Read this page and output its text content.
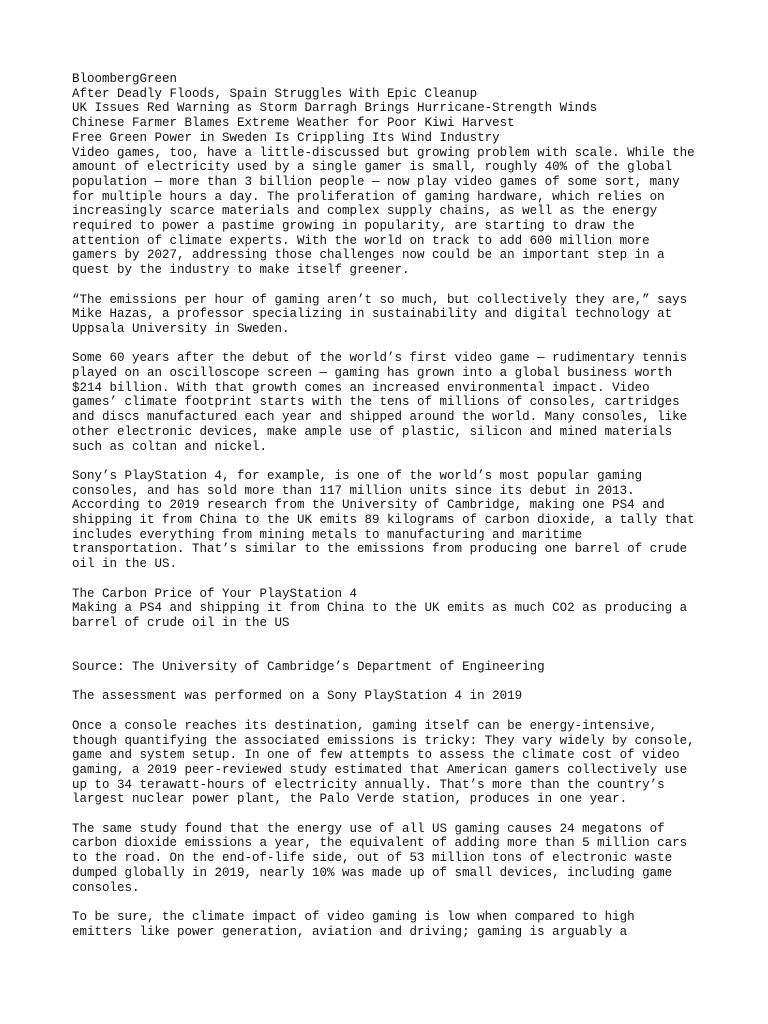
BloombergGreen
After Deadly Floods, Spain Struggles With Epic Cleanup
UK Issues Red Warning as Storm Darragh Brings Hurricane-Strength Winds
Chinese Farmer Blames Extreme Weather for Poor Kiwi Harvest
Free Green Power in Sweden Is Crippling Its Wind Industry
Video games, too, have a little-discussed but growing problem with scale. While the
amount of electricity used by a single gamer is small, roughly 40% of the global
population — more than 3 billion people — now play video games of some sort, many
for multiple hours a day. The proliferation of gaming hardware, which relies on
increasingly scarce materials and complex supply chains, as well as the energy
required to power a pastime growing in popularity, are starting to draw the
attention of climate experts. With the world on track to add 600 million more
gamers by 2027, addressing those challenges now could be an important step in a
quest by the industry to make itself greener.
“The emissions per hour of gaming aren’t so much, but collectively they are,” says
Mike Hazas, a professor specializing in sustainability and digital technology at
Uppsala University in Sweden.
Some 60 years after the debut of the world’s first video game — rudimentary tennis
played on an oscilloscope screen — gaming has grown into a global business worth
$214 billion. With that growth comes an increased environmental impact. Video
games’ climate footprint starts with the tens of millions of consoles, cartridges
and discs manufactured each year and shipped around the world. Many consoles, like
other electronic devices, make ample use of plastic, silicon and mined materials
such as coltan and nickel.
Sony’s PlayStation 4, for example, is one of the world’s most popular gaming
consoles, and has sold more than 117 million units since its debut in 2013.
According to 2019 research from the University of Cambridge, making one PS4 and
shipping it from China to the UK emits 89 kilograms of carbon dioxide, a tally that
includes everything from mining metals to manufacturing and maritime
transportation. That’s similar to the emissions from producing one barrel of crude
oil in the US.
The Carbon Price of Your PlayStation 4
Making a PS4 and shipping it from China to the UK emits as much CO2 as producing a
barrel of crude oil in the US
Source: The University of Cambridge’s Department of Engineering
The assessment was performed on a Sony PlayStation 4 in 2019
Once a console reaches its destination, gaming itself can be energy-intensive,
though quantifying the associated emissions is tricky: They vary widely by console,
game and system setup. In one of few attempts to assess the climate cost of video
gaming, a 2019 peer-reviewed study estimated that American gamers collectively use
up to 34 terawatt-hours of electricity annually. That’s more than the country’s
largest nuclear power plant, the Palo Verde station, produces in one year.
The same study found that the energy use of all US gaming causes 24 megatons of
carbon dioxide emissions a year, the equivalent of adding more than 5 million cars
to the road. On the end-of-life side, out of 53 million tons of electronic waste
dumped globally in 2019, nearly 10% was made up of small devices, including game
consoles.
To be sure, the climate impact of video gaming is low when compared to high
emitters like power generation, aviation and driving; gaming is arguably a
